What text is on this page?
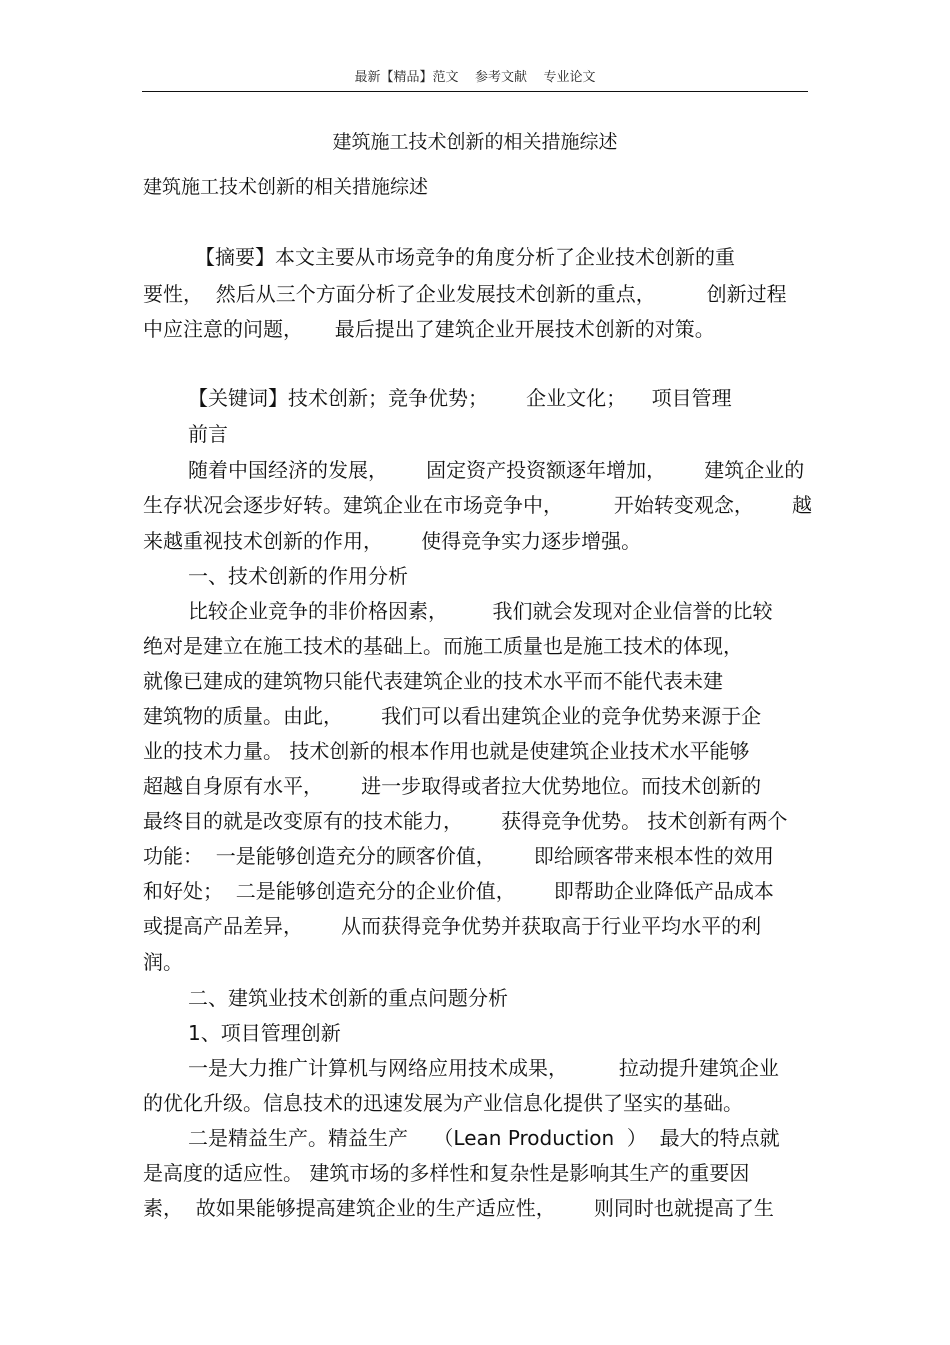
最新【精品】范文    参考文献    专业论文
建筑施工技术创新的相关措施综述
建筑施工技术创新的相关措施综述
【摘要】本文主要从市场竞争的角度分析了企业技术创新的重
要性，  然后从三个方面分析了企业发展技术创新的重点，        创新过程
中应注意的问题，     最后提出了建筑企业开展技术创新的对策。
【关键词】技术创新；竞争优势；      企业文化；    项目管理
前言
随着中国经济的发展，      固定资产投资额逐年增加，      建筑企业的
生存状况会逐步好转。建筑企业在市场竞争中，        开始转变观念，      越
来越重视技术创新的作用，      使得竞争实力逐步增强。
一、技术创新的作用分析
比较企业竞争的非价格因素，       我们就会发现对企业信誉的比较
绝对是建立在施工技术的基础上。而施工质量也是施工技术的体现，
就像已建成的建筑物只能代表建筑企业的技术水平而不能代表未建
建筑物的质量。由此，      我们可以看出建筑企业的竞争优势来源于企
业的技术力量。 技术创新的根本作用也就是使建筑企业技术水平能够
超越自身原有水平，      进一步取得或者拉大优势地位。而技术创新的
最终目的就是改变原有的技术能力，      获得竞争优势。 技术创新有两个
功能：  一是能够创造充分的顾客价值，      即给顾客带来根本性的效用
和好处；  二是能够创造充分的企业价值，      即帮助企业降低产品成本
或提高产品差异，      从而获得竞争优势并获取高于行业平均水平的利
润。
二、建筑业技术创新的重点问题分析
1、项目管理创新
一是大力推广计算机与网络应用技术成果，        拉动提升建筑企业
的优化升级。信息技术的迅速发展为产业信息化提供了坚实的基础。
二是精益生产。精益生产    （Lean Production  ）  最大的特点就
是高度的适应性。 建筑市场的多样性和复杂性是影响其生产的重要因
素，  故如果能够提高建筑企业的生产适应性，      则同时也就提高了生
